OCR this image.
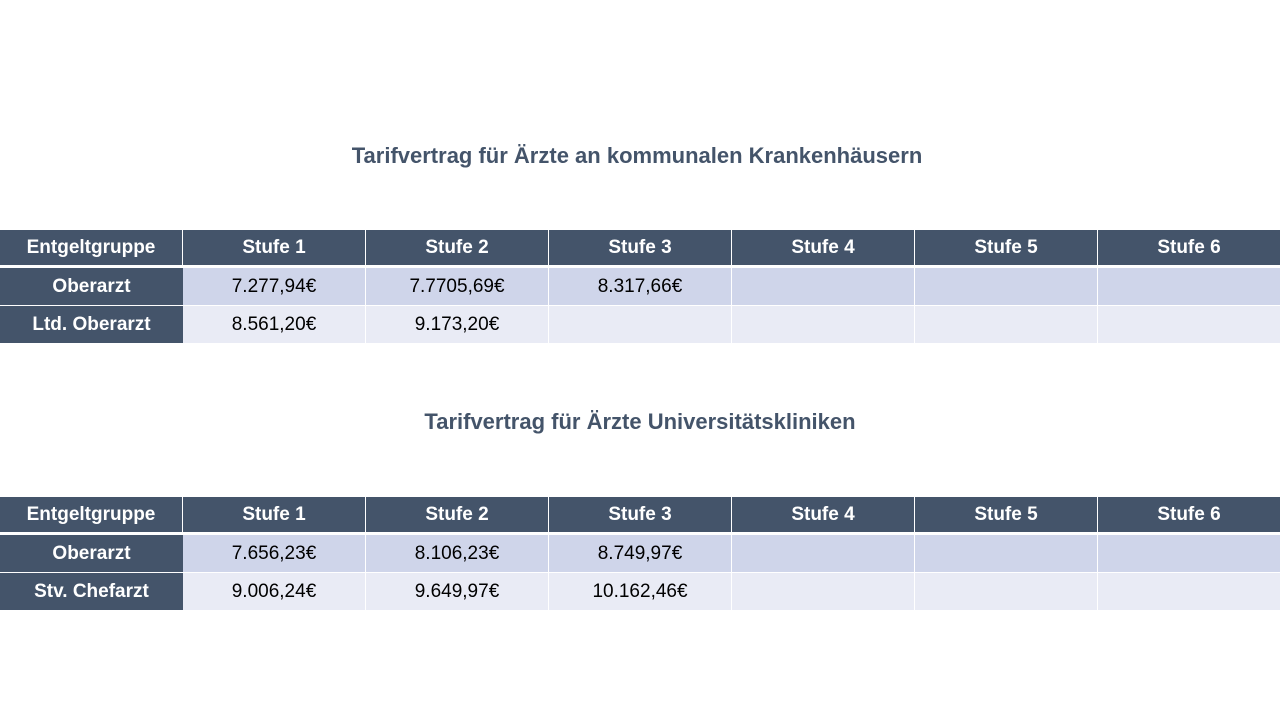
Tarifvertrag für Ärzte an kommunalen Krankenhäusern
Entgeltgruppe	Stufe 1	Stufe 2	Stufe 3	Stufe 4	Stufe 5	Stufe 6
Oberarzt	7.277,94€	7.7705,69€	8.317,66€			
Ltd. Oberarzt	8.561,20€	9.173,20€				
Tarifvertrag für Ärzte Universitätskliniken
Entgeltgruppe	Stufe 1	Stufe 2	Stufe 3	Stufe 4	Stufe 5	Stufe 6
Oberarzt	7.656,23€	8.106,23€	8.749,97€			
Stv. Chefarzt	9.006,24€	9.649,97€	10.162,46€			
